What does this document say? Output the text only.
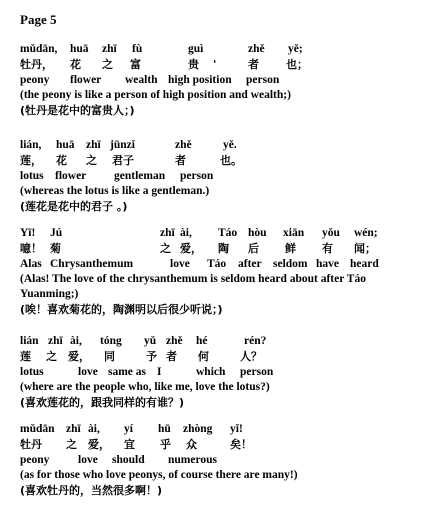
Page 5
mǔdān, huā zhī fù	guì	zhě yě;
牡丹， 花 之 富	贵 '	者 也；
peony flower wealth high position person
(the peony is like a person of high position and wealth;)
(牡丹是花中的富贵人；)
lián, huā zhī jūnzǐ	zhě	yě.
莲， 花 之 君子	者	也。
lotus flower gentleman person
(whereas the lotus is like a gentleman.)
(莲花是花中的君子 。)
Yī! Jú	zhī ài, Táo hòu xiān yǒu wén;
噫！ 菊	之 爱， 陶 后 鲜 有 闻；
Alas Chrysanthemum	love Táo after seldom have heard
(Alas! The love of the chrysanthemum is seldom heard about after Táo
Yuanming;)
(唉！喜欢菊花的，陶渊明以后很少听说；)
lián zhī ài, tóng yǔ zhě hé	rén?
莲 之 爱， 同	予 者 何	人？
lotus	love same as I	which person
(where are the people who, like me, love the lotus?)
(喜欢莲花的，跟我同样的有谁？)
mǔdān zhī ài, yí hū zhòng yǐ!
牡丹 之 爱， 宜 乎 众	矣！
peony love should numerous
(as for those who love peonys, of course there are many!)
(喜欢牡丹的，当然很多啊！)
